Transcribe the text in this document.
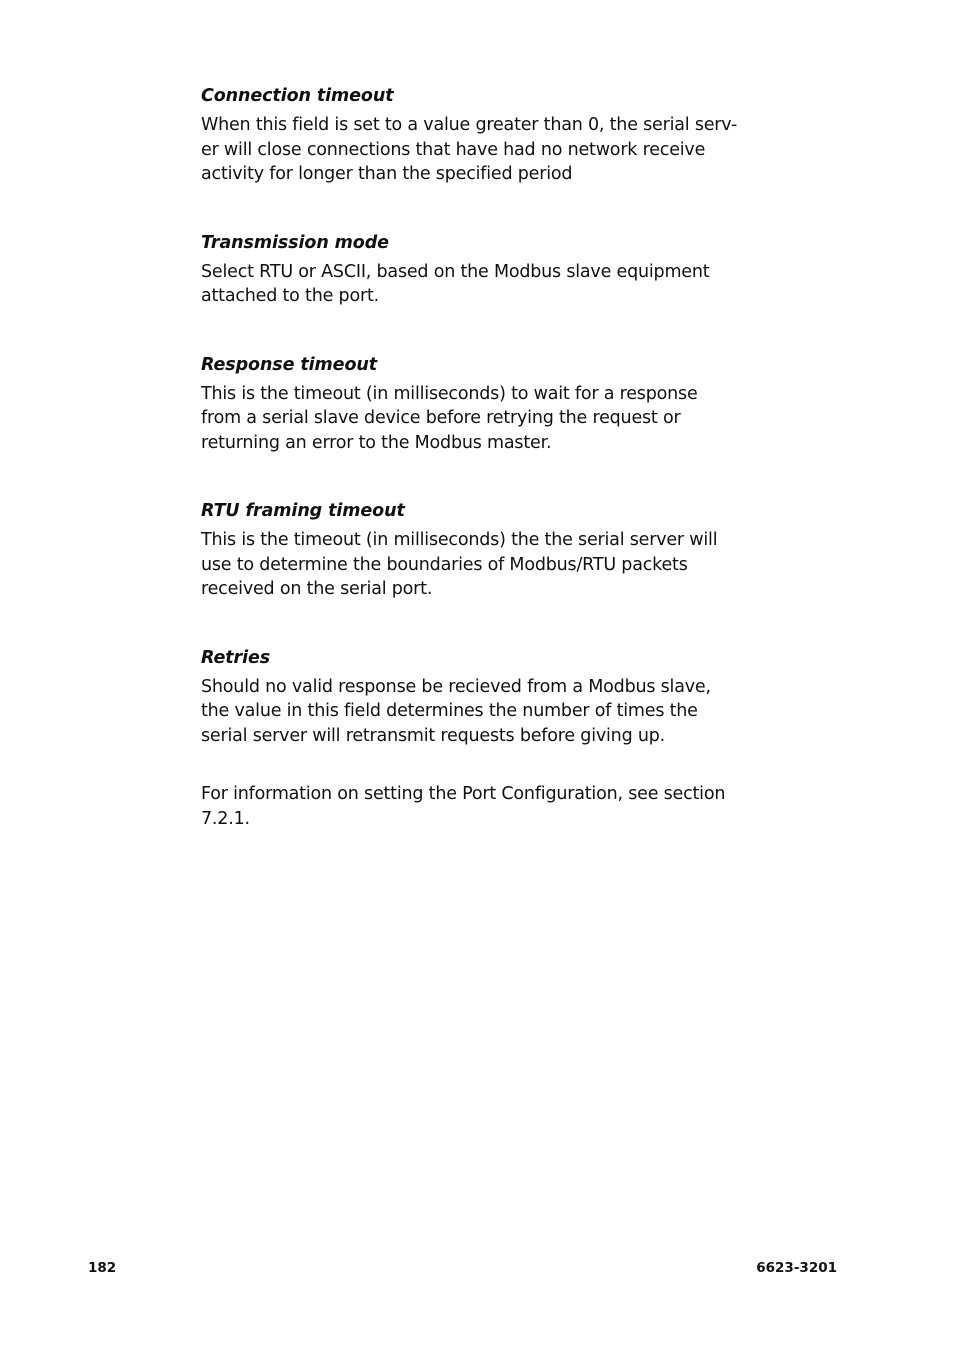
Connection timeout

When this field is set to a value greater than 0, the serial serv-
er will close connections that have had no network receive
activity for longer than the specified period

Transmission mode

Select RTU or ASCII, based on the Modbus slave equipment
attached to the port.

Response timeout

This is the timeout (in milliseconds) to wait for a response
from a serial slave device before retrying the request or
returning an error to the Modbus master.

RTU framing timeout

This is the timeout (in milliseconds) the the serial server will
use to determine the boundaries of Modbus/RTU packets
received on the serial port.

Retries

Should no valid response be recieved from a Modbus slave,
the value in this field determines the number of times the
serial server will retransmit requests before giving up.

For information on setting the Port Configuration, see section
7.2.1.

182	6623-3201
